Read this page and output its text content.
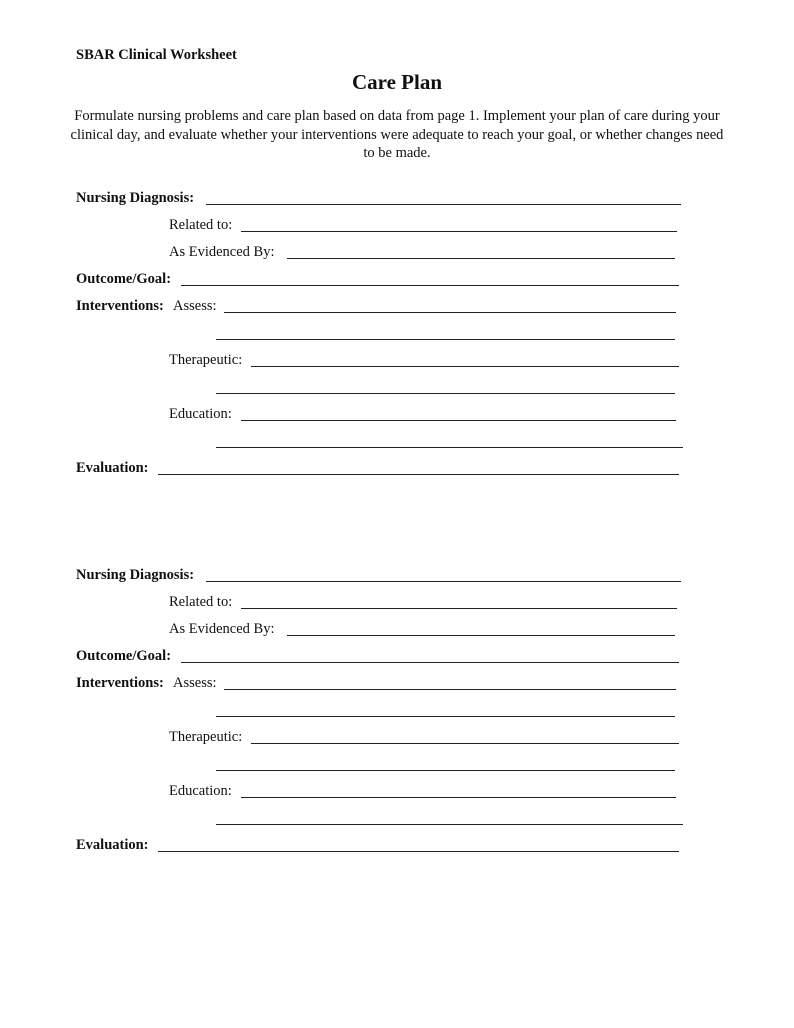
SBAR Clinical Worksheet
Care Plan

Formulate nursing problems and care plan based on data from page 1. Implement your plan of care during your clinical day, and evaluate whether your interventions were adequate to reach your goal, or whether changes need to be made.

Nursing Diagnosis:
Related to:
As Evidenced By:
Outcome/Goal:
Interventions: Assess:
Therapeutic:
Education:
Evaluation:
Nursing Diagnosis:
Related to:
As Evidenced By:
Outcome/Goal:
Interventions: Assess:
Therapeutic:
Education:
Evaluation:
